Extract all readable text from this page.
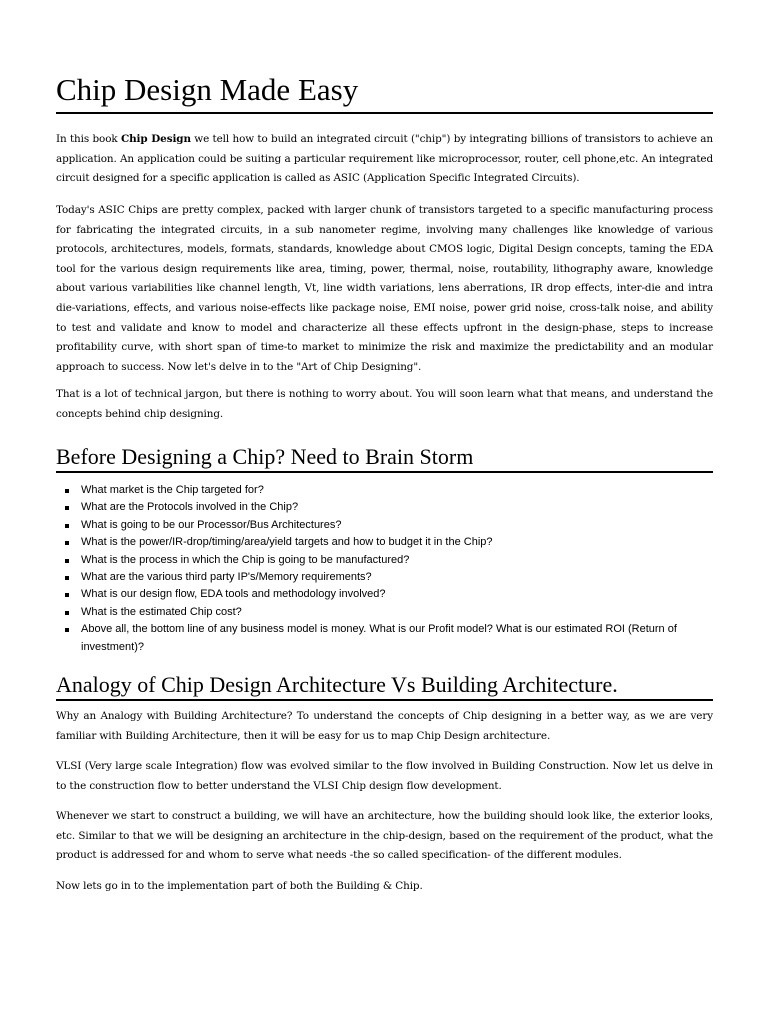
Chip Design Made Easy

In this book Chip Design we tell how to build an integrated circuit ("chip") by integrating billions of transistors to achieve an application. An application could be suiting a particular requirement like microprocessor, router, cell phone,etc. An integrated circuit designed for a specific application is called as ASIC (Application Specific Integrated Circuits).

Today's ASIC Chips are pretty complex, packed with larger chunk of transistors targeted to a specific manufacturing process for fabricating the integrated circuits, in a sub nanometer regime, involving many challenges like knowledge of various protocols, architectures, models, formats, standards, knowledge about CMOS logic, Digital Design concepts, taming the EDA tool for the various design requirements like area, timing, power, thermal, noise, routability, lithography aware, knowledge about various variabilities like channel length, Vt, line width variations, lens aberrations, IR drop effects, inter-die and intra die-variations, effects, and various noise-effects like package noise, EMI noise, power grid noise, cross-talk noise, and ability to test and validate and know to model and characterize all these effects upfront in the design-phase, steps to increase profitability curve, with short span of time-to market to minimize the risk and maximize the predictability and an modular approach to success. Now let's delve in to the "Art of Chip Designing".

That is a lot of technical jargon, but there is nothing to worry about. You will soon learn what that means, and understand the concepts behind chip designing.

Before Designing a Chip? Need to Brain Storm
What market is the Chip targeted for?
What are the Protocols involved in the Chip?
What is going to be our Processor/Bus Architectures?
What is the power/IR-drop/timing/area/yield targets and how to budget it in the Chip?
What is the process in which the Chip is going to be manufactured?
What are the various third party IP's/Memory requirements?
What is our design flow, EDA tools and methodology involved?
What is the estimated Chip cost?
Above all, the bottom line of any business model is money. What is our Profit model? What is our estimated ROI (Return of investment)?
Analogy of Chip Design Architecture Vs Building Architecture.

Why an Analogy with Building Architecture? To understand the concepts of Chip designing in a better way, as we are very familiar with Building Architecture, then it will be easy for us to map Chip Design architecture.

VLSI (Very large scale Integration) flow was evolved similar to the flow involved in Building Construction. Now let us delve in to the construction flow to better understand the VLSI Chip design flow development.

Whenever we start to construct a building, we will have an architecture, how the building should look like, the exterior looks, etc. Similar to that we will be designing an architecture in the chip-design, based on the requirement of the product, what the product is addressed for and whom to serve what needs -the so called specification- of the different modules.

Now lets go in to the implementation part of both the Building & Chip.
